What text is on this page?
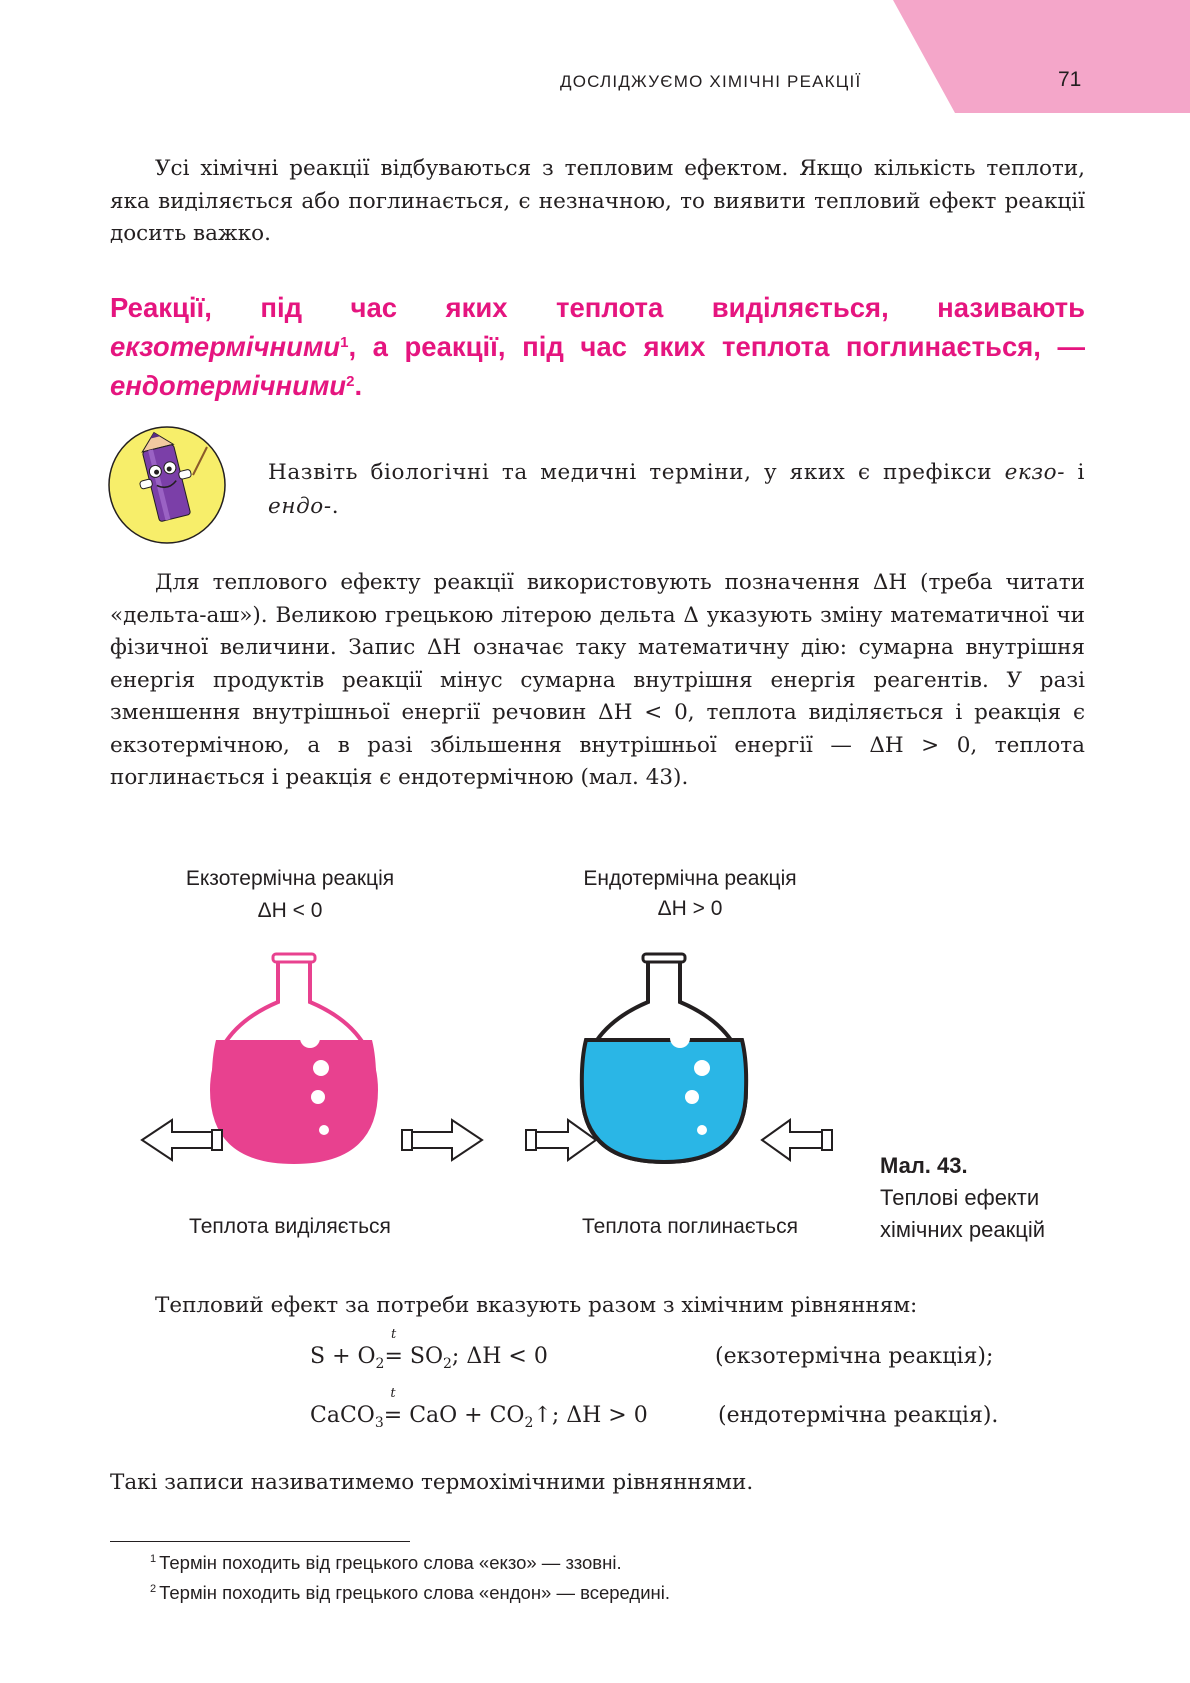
ДОСЛІДЖУЄМО ХІМІЧНІ РЕАКЦІЇ	71

Усі хімічні реакції відбуваються з тепловим ефектом. Якщо кількість теплоти, яка виділяється або поглинається, є незначною, то виявити тепловий ефект реакції досить важко.

Реакції, під час яких теплота виділяється, називають екзотермічними$^1$, а реакції, під час яких теплота поглинається, — ендотермічними$^2$.
Назвіть біологічні та медичні терміни, у яких є префікси екзо- і ендо-.

Для теплового ефекту реакції використовують позначення ΔH (треба читати «дельта-аш»). Великою грецькою літерою дельта Δ указують зміну математичної чи фізичної величини. Запис ΔH означає таку математичну дію: сумарна внутрішня енергія продуктів реакції мінус сумарна внутрішня енергія реагентів. У разі зменшення внутрішньої енергії речовин ΔH < 0, теплота виділяється і реакція є екзотермічною, а в разі збільшення внутрішньої енергії — ΔH > 0, теплота поглинається і реакція є ендотермічною (мал. 43).

Екзотермічна реакція
ΔH < 0
Ендотермічна реакція
ΔH > 0
Теплота виділяється	Теплота поглинається
Мал. 43.
Теплові ефекти
хімічних реакцій

Тепловий ефект за потреби вказують разом з хімічним рівнянням:

$S + O_2=$
t
$SO_2$; ΔH < 0	(екзотермічна реакція);
CaCO$_3$=
t
CaO + $CO_2↑$; ΔH > 0	(ендотермічна реакція).

Такі записи називатимемо термохімічними рівняннями.

$^1$ Термін походить від грецького слова «екзо» — ззовні.
$^2$ Термін походить від грецького слова «ендон» — всередині.
